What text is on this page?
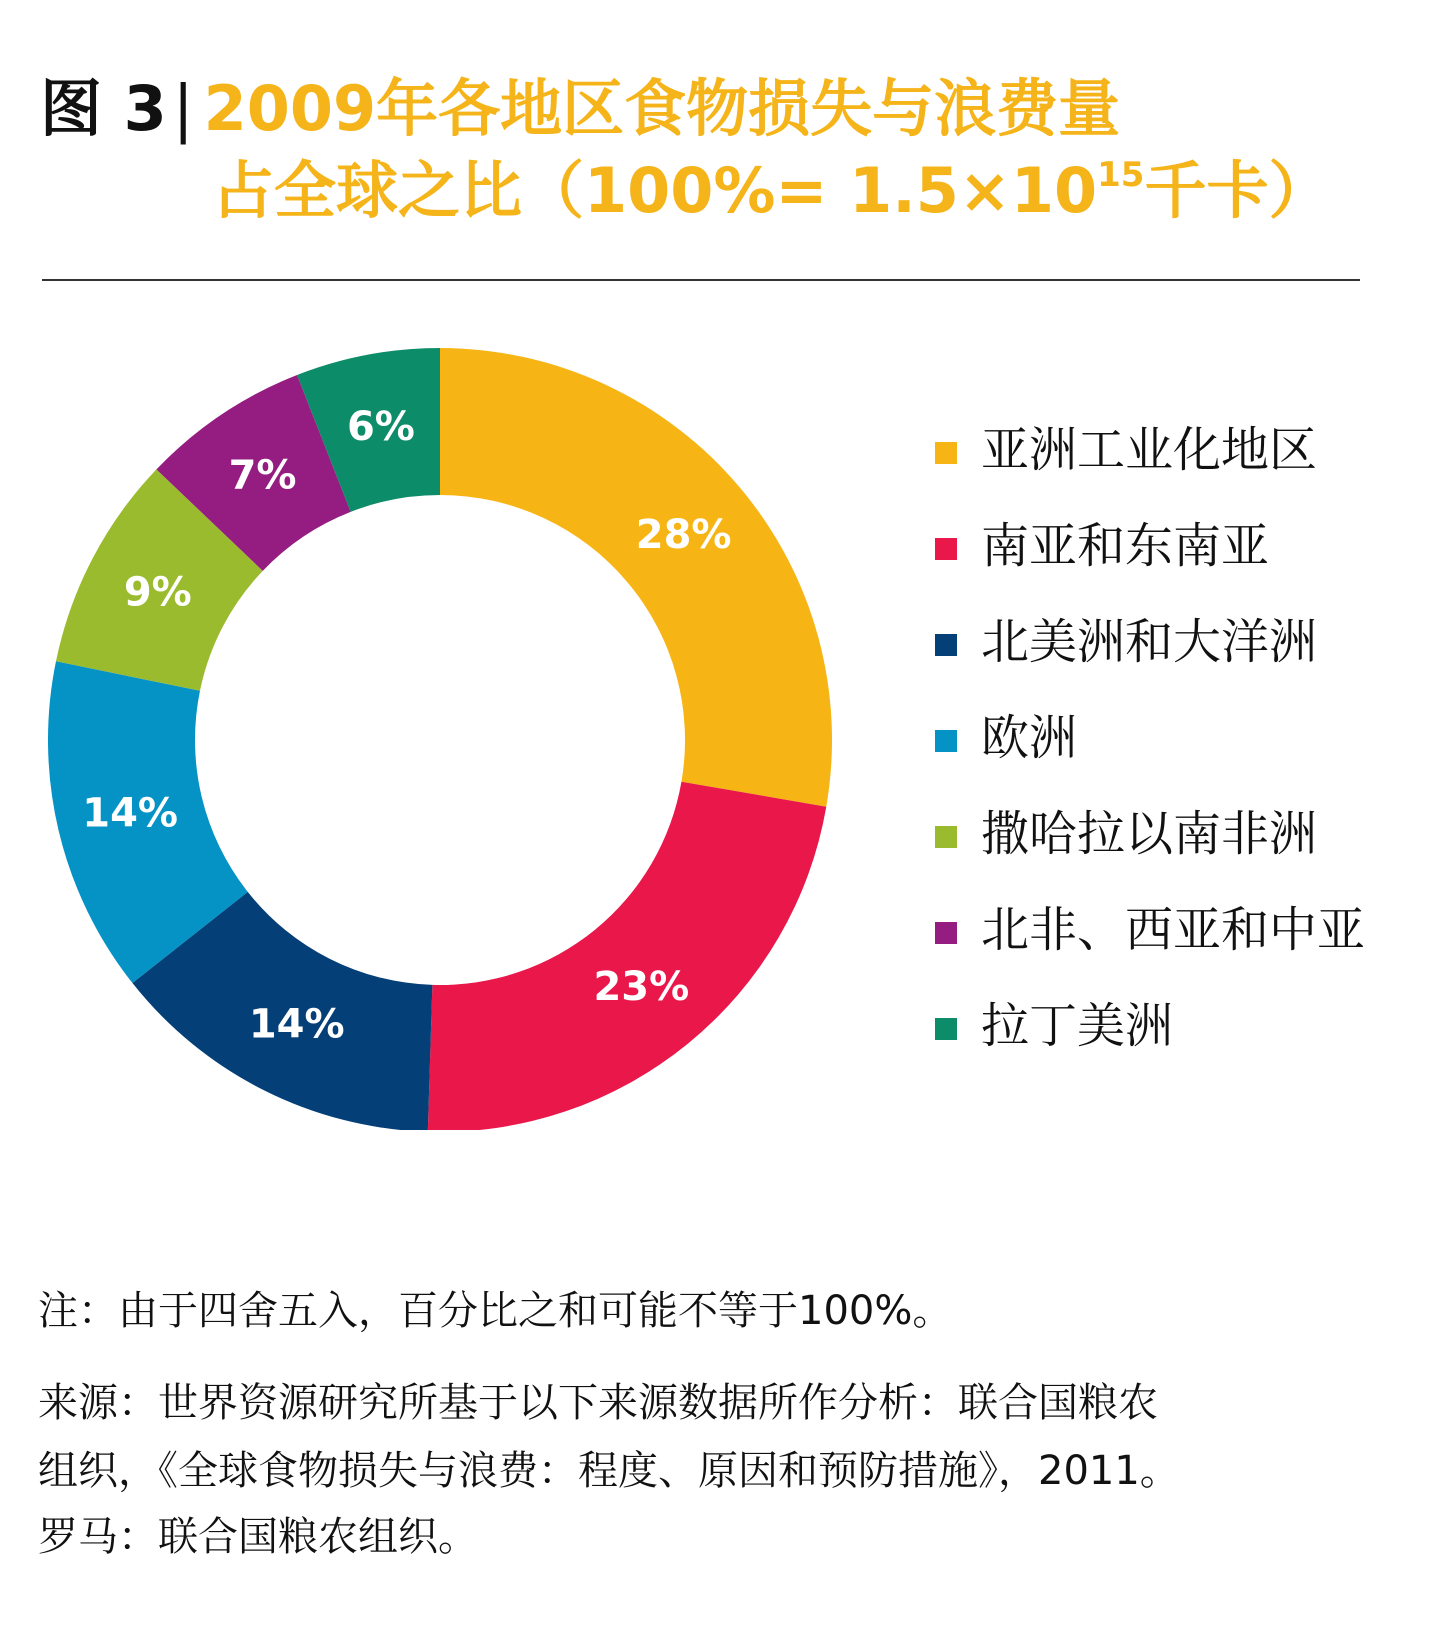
图 3| 2009年各地区食物损失与浪费量
占全球之比（$100\%= 1.5\times 10^{15}$千卡）
28%
23%
14%
14%
9%
7%
6%	亚洲工业化地区
南亚和东南亚
北美洲和大洋洲
欧洲
撒哈拉以南非洲
北非、西亚和中亚
拉丁美洲
注：由于四舍五入，百分比之和可能不等于100%。
来源：世界资源研究所基于以下来源数据所作分析：联合国粮农
组织，《全球食物损失与浪费：程度、原因和预防措施》，2011。
罗马：联合国粮农组织。
